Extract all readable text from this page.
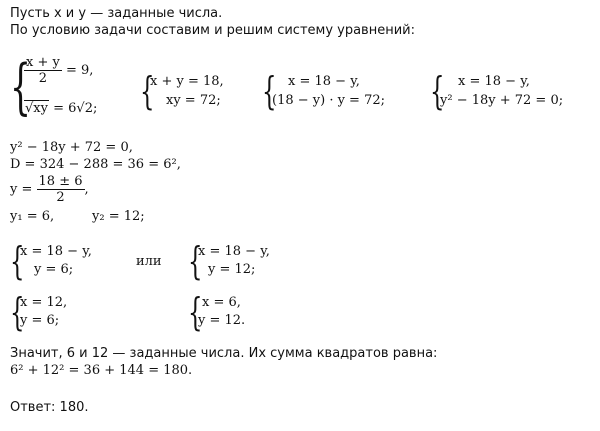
Пусть x и y — заданные числа.
По условию задачи составим и решим систему уравнений:
{
$\frac{x + y}{2} = 9$,
√xy = 6√2; {
x + y = 18,
xy = 72; { x = 18 − y,
(18 − y) · y = 72; { x = 18 − y,
y² − 18y + 72 = 0;
y² − 18y + 72 = 0,
D = 324 − 288 = 36 = 6²,
$y = \frac{18 \pm 6}{2}$ ,
y₁ = 6,	y₂ = 12;
{
x = 18 − y,
y = 6;
или {
x = 18 − y,
y = 12;
{
x = 12,
y = 6;	{ x = 6,
y = 12.
Значит, 6 и 12 — заданные числа. Их сумма квадратов равна:
6² + 12² = 36 + 144 = 180.
Ответ: 180.
